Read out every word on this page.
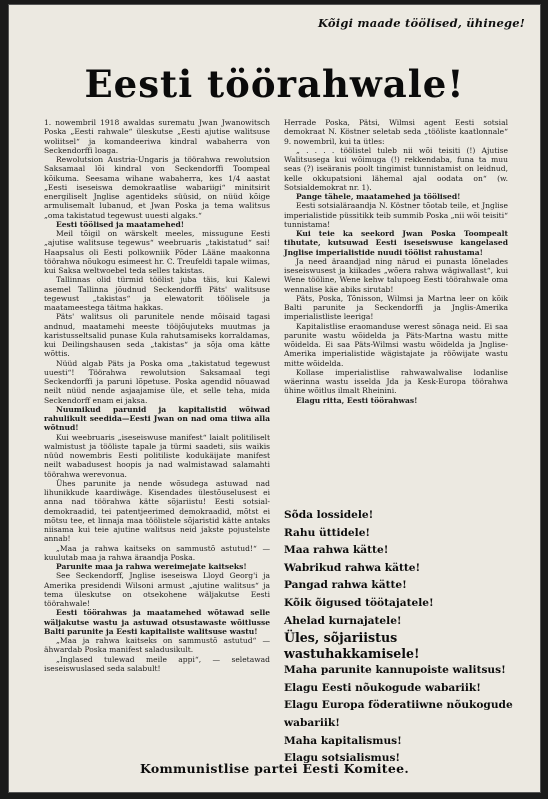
Kõigi maade töölised, ühinege!
Eesti töörahwale!

1. nowembril 1918 awaldas surematu Jwan Jwanowitsch Poska „Eesti rahwale“ üleskutse „Eesti ajutise walitsuse woliitsel“ ja komandeeriwa kindral wabaherra von Seckendorffi loaga.

Rewolutsion Austria-Ungaris ja töörahwa rewolutsion Saksamaal lõi kindral von Seckendorffi Toompeal kõikuma. Seesama wihane wabaherra, kes 1/4 aastat „Eesti iseseiswa demokraatlise wabariigi“ minitsirit energiliselt Jnglise agentideks süüsid, on nüüd kõige armulisemalt lubanud, et Jwan Poska ja tema walitsus „oma takistatud tegewust uuesti algaks.“

Eesti töölised ja maatamehed!

Meil tõigil on wärskelt meeles, missugune Eesti „ajutise walitsuse tegewus“ weebruaris „takistatud“ sai! Haapsalus oli Eesti polkowniik Põder Lääne maakonna töörahwa nõukogu esimeest hr. C. Treufeldi tapale wiimas, kui Saksa weltwoebel teda selles takistas.

Tallinnas olid türmid töölist juba täis, kui Kalewi asemel Tallinna jõudnud Seckendorffi Päts' walitsuse tegewust „takistas“ ja elewatorit töölisele ja maatameestega täitma hakkas.

Päts' walitsus oli parunitele nende mõisaid tagasi andnud, maatamehi meeste tööjõujuteks muutmas ja karistusseltsalid punase Kula rahutsamiseks korraldamas, kui Deilingshausen seda „takistas“ ja sõja oma kätte wõttis.

Nüüd algab Päts ja Poska oma „takistatud tegewust uuesti“! Töörahwa rewolutsion Saksamaal tegi Seckendorffi ja paruni lõpetuse. Poska agendid nõuawad neilt nüüd nende asjaajamise üle, et selle teha, mida Seckendorff enam ei jaksa.

Nuumikud parunid ja kapitalistid wõiwad rahulikult seedida—Eesti Jwan on nad oma tiiwa alla wõtnud!

Kui weebruaris „iseseiswuse manifest“ laialt politiliselt walmistust ja tööliste tapale ja türmi saadeti, siis waikis nüüd nowembris Eesti politiliste kodukäijate manifest neilt wabadusest hoopis ja nad walmistawad salamahti töörahwa werevonua.

Ühes parunite ja nende wõsudega astuwad nad lihunikkude kaardiwäge. Kisendades ülestõuselusest ei anna nad töörahwa kätte sõjariistu! Eesti sotsial-demokraadid, tei patentjeerimed demokraadid, mõtst ei mõtsu tee, et linnaja maa töölistele sõjaristid kätte antaks niisama kui teie ajutine walitsus neid jakste pojustelste annab!

„Maa ja rahwa kaitseks on sammustõ astutud!“ — kuulutab maa ja rahwa äraandja Poska.

Parunite maa ja rahwa wereimejate kaitseks!

See Seckendorff, Jnglise iseseiswa Lloyd Georg'i ja Amerika presidendi Wilsoni armust „ajutine walitsus“ ja tema üleskutse on otsekohene wäljakutse Eesti töörahwale!

Eesti töörahwas ja maatamehed wõtawad selle wäljakutse wastu ja astuwad otsustawaste wõitlusse Balti parunite ja Eesti kapitaliste walitsuse wastu!

„Maa ja rahwa kaitseks on sammustõ astutud“ — ähwardab Poska manifest saladusikult.

„Inglased tulewad meile appi“, — seletawad iseseiswuslased seda salabult!

Herrade Poska, Pätsi, Wilmsi agent Eesti sotsial demokraat N. Köstner seletab seda „tööliste kaatlonnale“ 9. nowembril, kui ta ütles:

„ . . . . töölistel tuleb nii wõi teisiti (!) Ajutise Walitsusega kui wõimuga (!) rekkendaba, funa ta muu seas (?) iseäranis poolt tingimist tunnistamist on leidnud, kelle okkupatsioni lähemal ajal oodata on“ (w. Sotsialdemokrat nr. 1).

Pange tähele, maatamehed ja töölised!

Eesti sotsialäraandja N. Köstner tõotab teile, et Jnglise imperialistide püssitikk teib summib Poska „nii wõi teisiti“ tunnistama!

Kui teie ka seekord Jwan Poska Toompealt tihutate, kutsuwad Eesti iseseiswuse kangelased Jnglise imperialistide nuudi töölist rahustama!

Ja need äraandjad ning närud ei punasta lõnelades iseseiswusest ja kiikades „wõera rahwa wägiwallast“, kui Wene tööline, Wene kehw talupoeg Eesti töörahwale oma wennalise käe abiks sirutab!

Päts, Poska, Tõnisson, Wilmsi ja Martna leer on kõik Balti parunite ja Seckendorffi ja Jnglis-Amerika imperialistliste leeriga!

Kapitalistlise eraomanduse werest sõnaga neid. Ei saa parunite wastu wõidelda ja Päts-Martna wastu mitte wõidelda. Ei saa Päts-Wilmsi wastu wõidelda ja Jnglise-Amerika imperialistide wägistajate ja röõwijate wastu mitte wõidelda.

Kollase imperialistlise rahwawalwalise lodanlise wäerinna wastu isselda Jda ja Kesk-Europa töörahwa ühine wõitlus ilmalt Rheinini.

Elagu ritta, Eesti töörahwas!

Sõda lossidele!
Rahu üttidele!
Maa rahwa kätte!
Wabrikud rahwa kätte!
Pangad rahwa kätte!
Kõik õigused töötajatele!
Ahelad kurnajatele!
Üles, sõjariistus wastuhakkamisele!
Maha parunite kannupoiste walitsus!
Elagu Eesti nõukogude wabariik!
Elagu Europa föderatiiwne nõukogude wabariik!
Maha kapitalismus!
Elagu sotsialismus!
Kommunistlise partei Eesti Komitee.
